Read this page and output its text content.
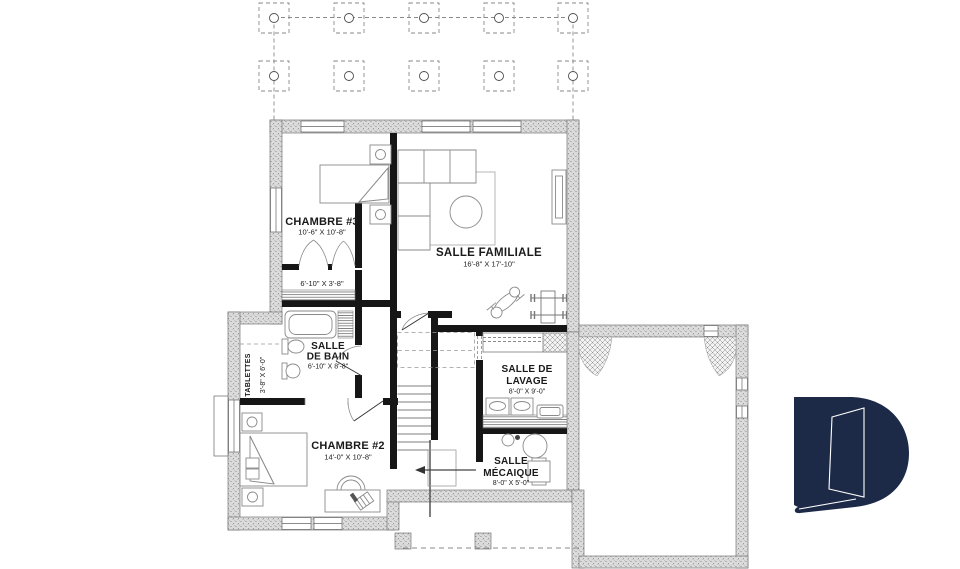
CHAMBRE #3
10'-6" X 10'-8"
SALLE FAMILIALE
16'-8" X 17'-10"
6'-10" X 3'-8"
SALLE
DE BAIN
6'-10" X 8'-8"
TABLETTES 3'-8" X 6'-0"	SALLE DE
LAVAGE
8'-0" X 9'-0"
CHAMBRE #2
14'-0" X 10'-8"	SALLE
MÉCAIQUE
8'-0" X 5'-0"
